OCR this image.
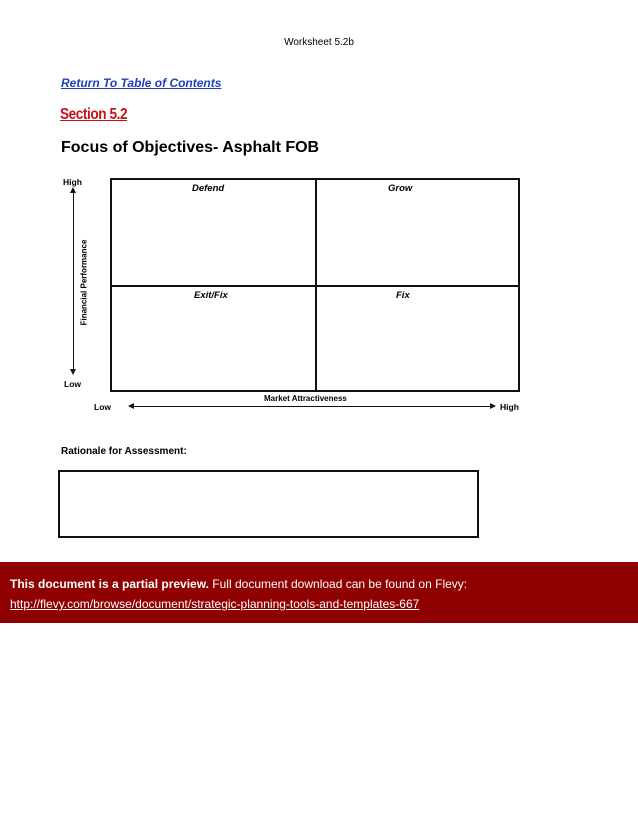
Worksheet 5.2b
Return To Table of Contents
Section 5.2
Focus of Objectives- Asphalt FOB
High
Financial Performance
Low
Defend	Grow
Exit/Fix	Fix
Market Attractiveness
Low	High
Rationale for Assessment:
This document is a partial preview. Full document download can be found on Flevy:
http://flevy.com/browse/document/strategic-planning-tools-and-templates-667
